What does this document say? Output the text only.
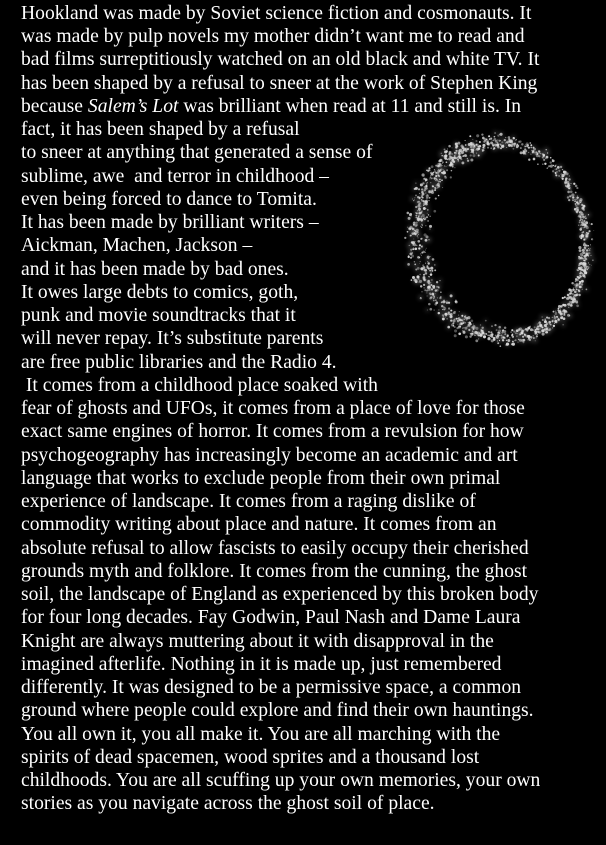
Hookland was made by Soviet science fiction and cosmonauts. It
was made by pulp novels my mother didn’t want me to read and
bad films surreptitiously watched on an old black and white TV. It
has been shaped by a refusal to sneer at the work of Stephen King
because Salem’s Lot was brilliant when read at 11 and still is. In
fact, it has been shaped by a refusal
to sneer at anything that generated a sense of
sublime, awe  and terror in childhood –
even being forced to dance to Tomita.
It has been made by brilliant writers –
Aickman, Machen, Jackson –
and it has been made by bad ones.
It owes large debts to comics, goth,
punk and movie soundtracks that it
will never repay. It’s substitute parents
are free public libraries and the Radio 4.
It comes from a childhood place soaked with
fear of ghosts and UFOs, it comes from a place of love for those
exact same engines of horror. It comes from a revulsion for how
psychogeography has increasingly become an academic and art
language that works to exclude people from their own primal
experience of landscape. It comes from a raging dislike of
commodity writing about place and nature. It comes from an
absolute refusal to allow fascists to easily occupy their cherished
grounds myth and folklore. It comes from the cunning, the ghost
soil, the landscape of England as experienced by this broken body
for four long decades. Fay Godwin, Paul Nash and Dame Laura
Knight are always muttering about it with disapproval in the
imagined afterlife. Nothing in it is made up, just remembered
differently. It was designed to be a permissive space, a common
ground where people could explore and find their own hauntings.
You all own it, you all make it. You are all marching with the
spirits of dead spacemen, wood sprites and a thousand lost
childhoods. You are all scuffing up your own memories, your own
stories as you navigate across the ghost soil of place.
